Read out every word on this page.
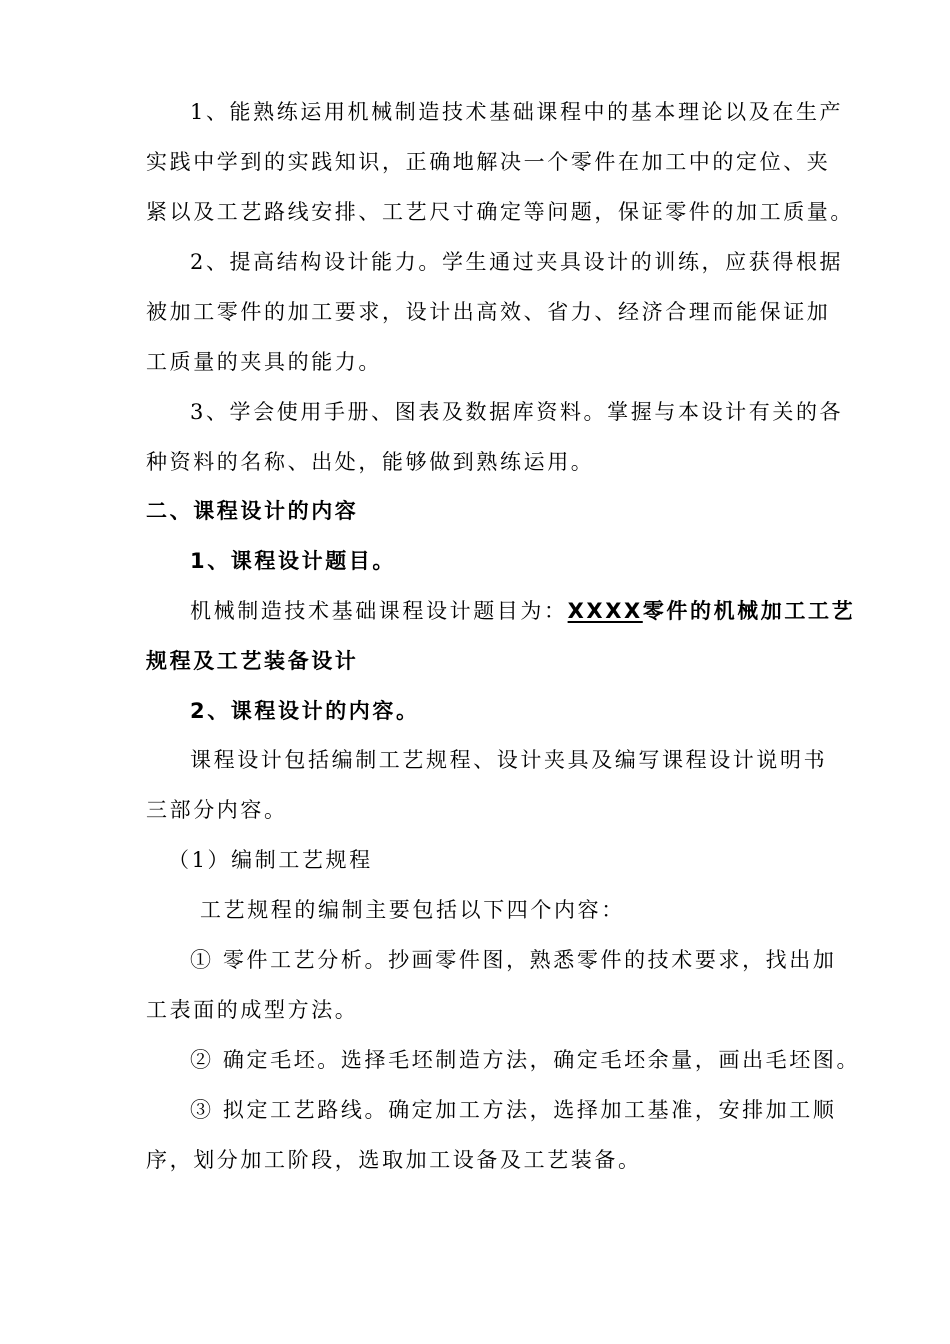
1、能熟练运用机械制造技术基础课程中的基本理论以及在生产
实践中学到的实践知识，正确地解决一个零件在加工中的定位、夹
紧以及工艺路线安排、工艺尺寸确定等问题，保证零件的加工质量。
2、提高结构设计能力。学生通过夹具设计的训练，应获得根据
被加工零件的加工要求，设计出高效、省力、经济合理而能保证加
工质量的夹具的能力。
3、学会使用手册、图表及数据库资料。掌握与本设计有关的各
种资料的名称、出处，能够做到熟练运用。
二、课程设计的内容
1、课程设计题目。
机械制造技术基础课程设计题目为：XXXX零件的机械加工工艺
规程及工艺装备设计
2、课程设计的内容。
课程设计包括编制工艺规程、设计夹具及编写课程设计说明书
三部分内容。
（1）编制工艺规程
工艺规程的编制主要包括以下四个内容：
① 零件工艺分析。抄画零件图，熟悉零件的技术要求，找出加
工表面的成型方法。
② 确定毛坯。选择毛坯制造方法，确定毛坯余量，画出毛坯图。
③ 拟定工艺路线。确定加工方法，选择加工基准，安排加工顺
序，划分加工阶段，选取加工设备及工艺装备。
